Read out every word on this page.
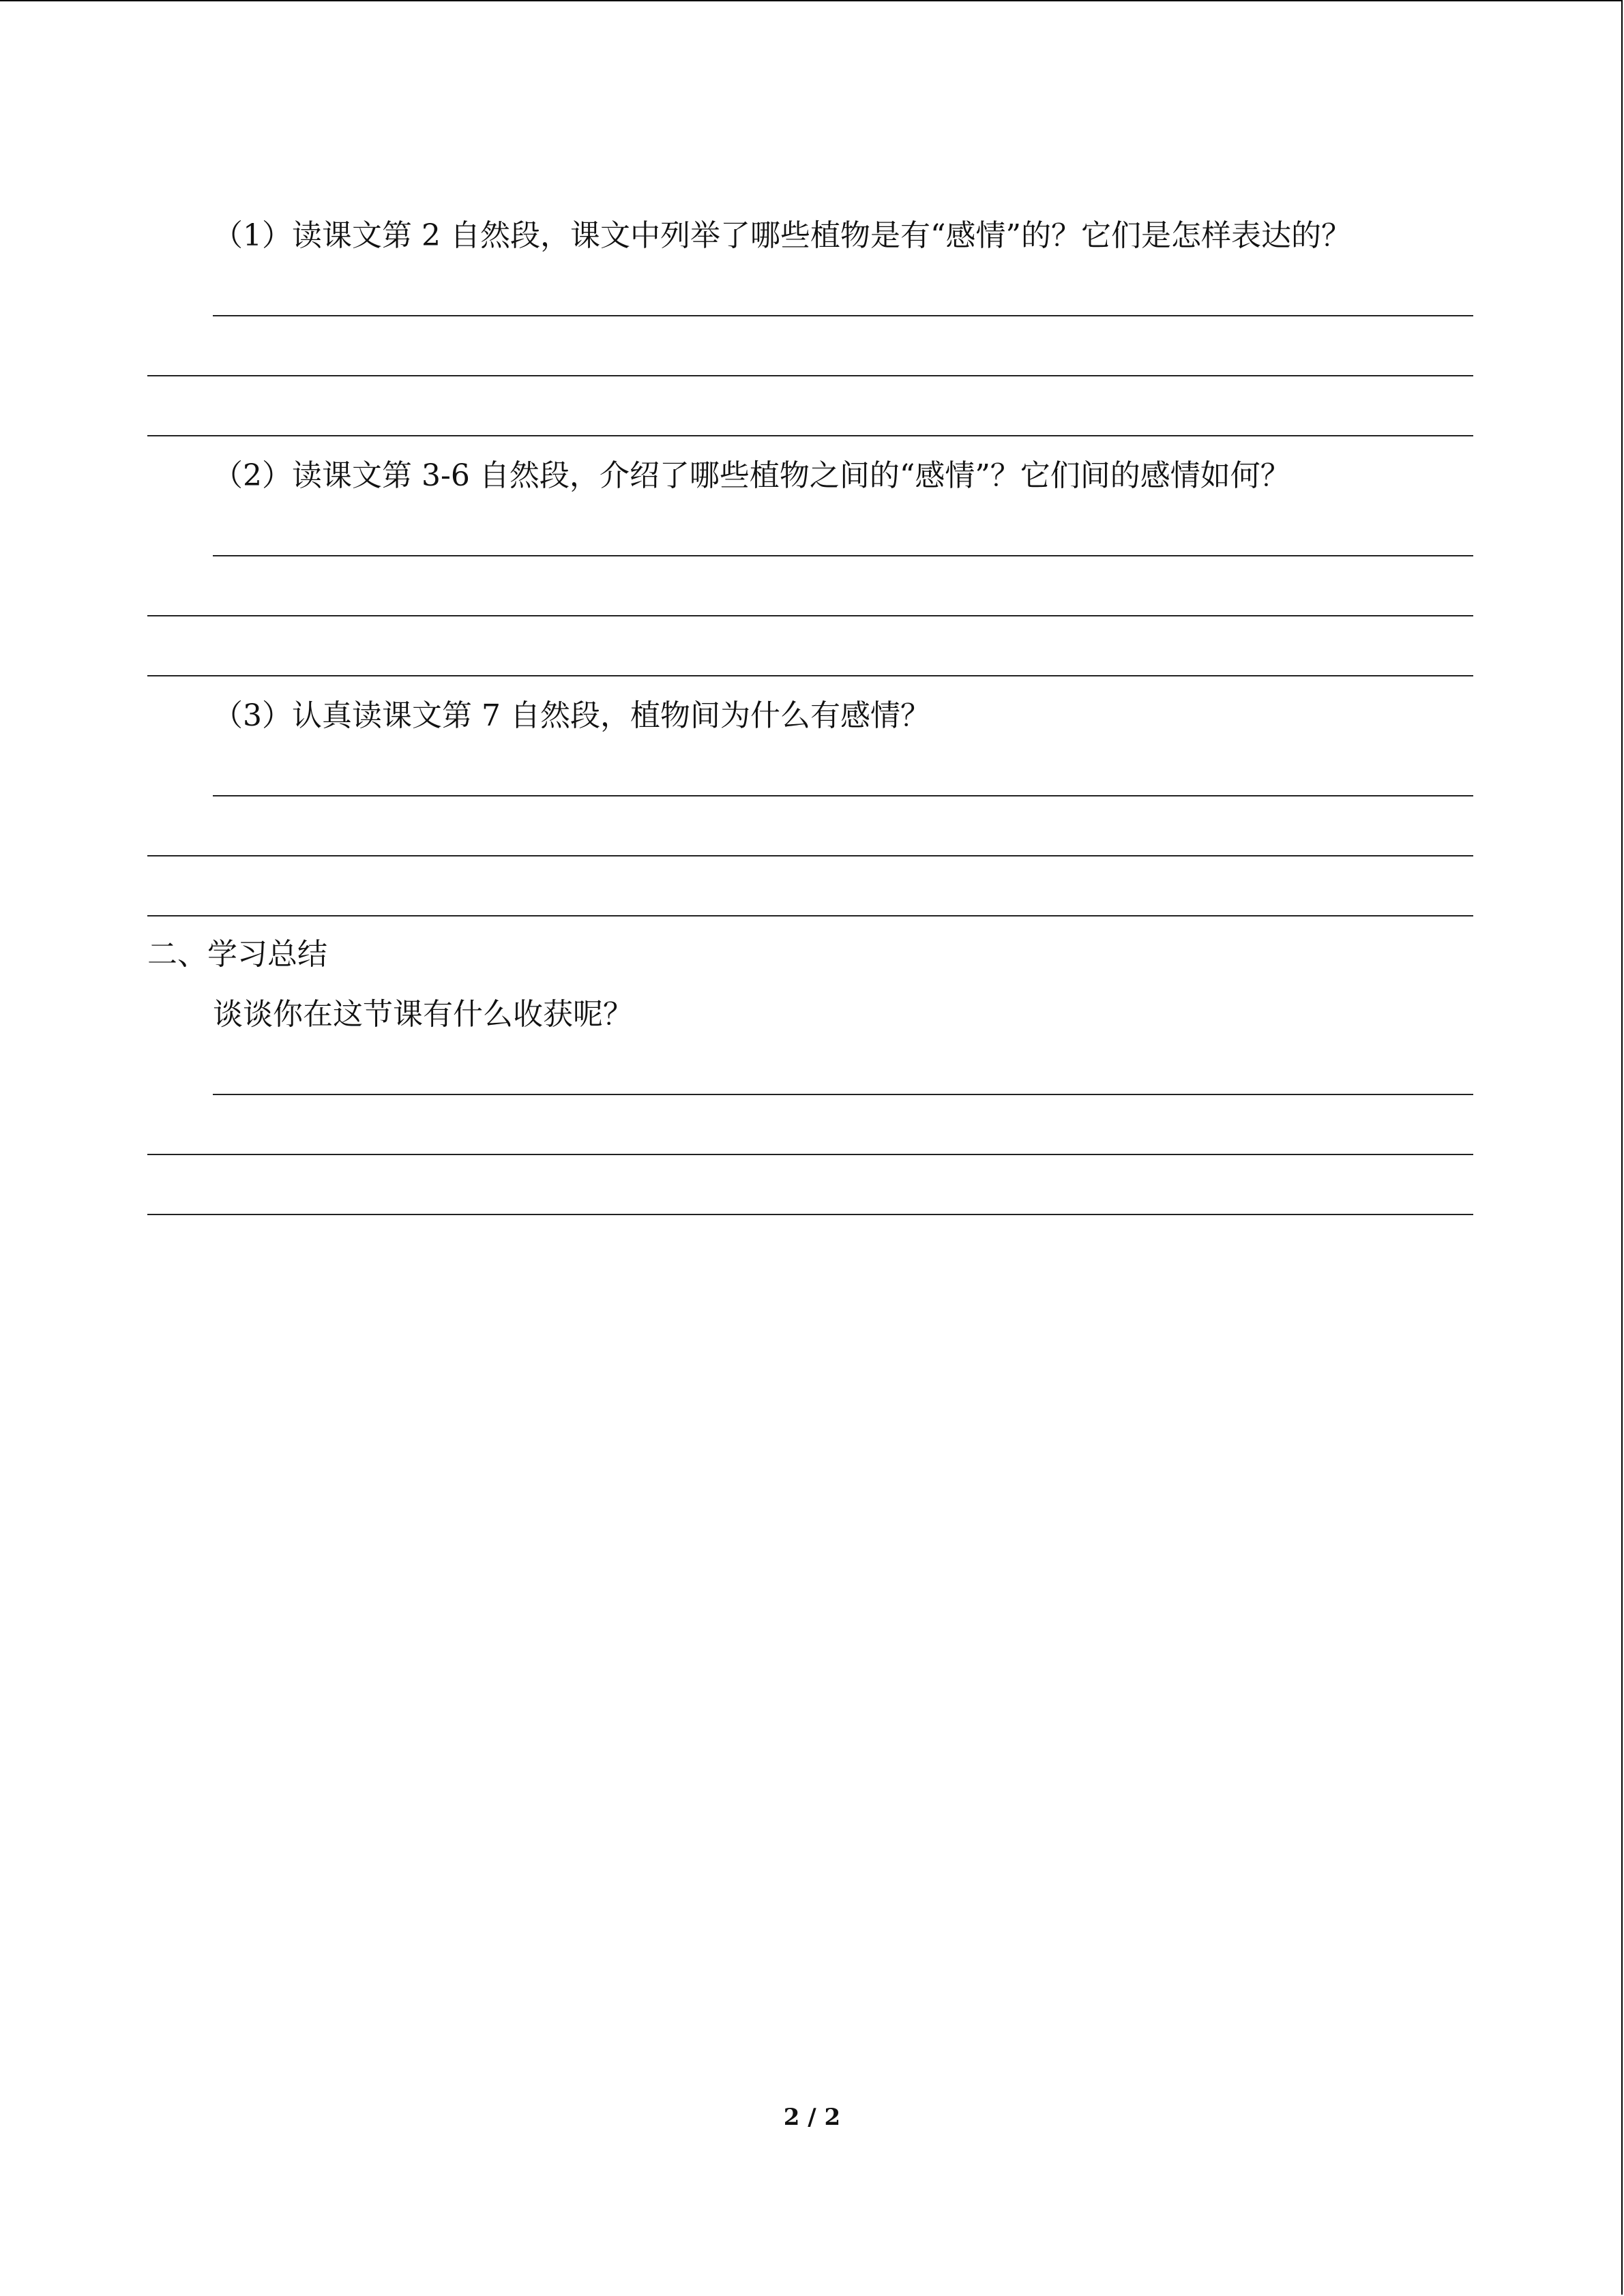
（1）读课文第 2 自然段，课文中列举了哪些植物是有“感情”的？它们是怎样表达的？
（2）读课文第 3-6 自然段，介绍了哪些植物之间的“感情”？它们间的感情如何？
（3）认真读课文第 7 自然段，植物间为什么有感情？
二、学习总结
谈谈你在这节课有什么收获呢？
2 / 2
